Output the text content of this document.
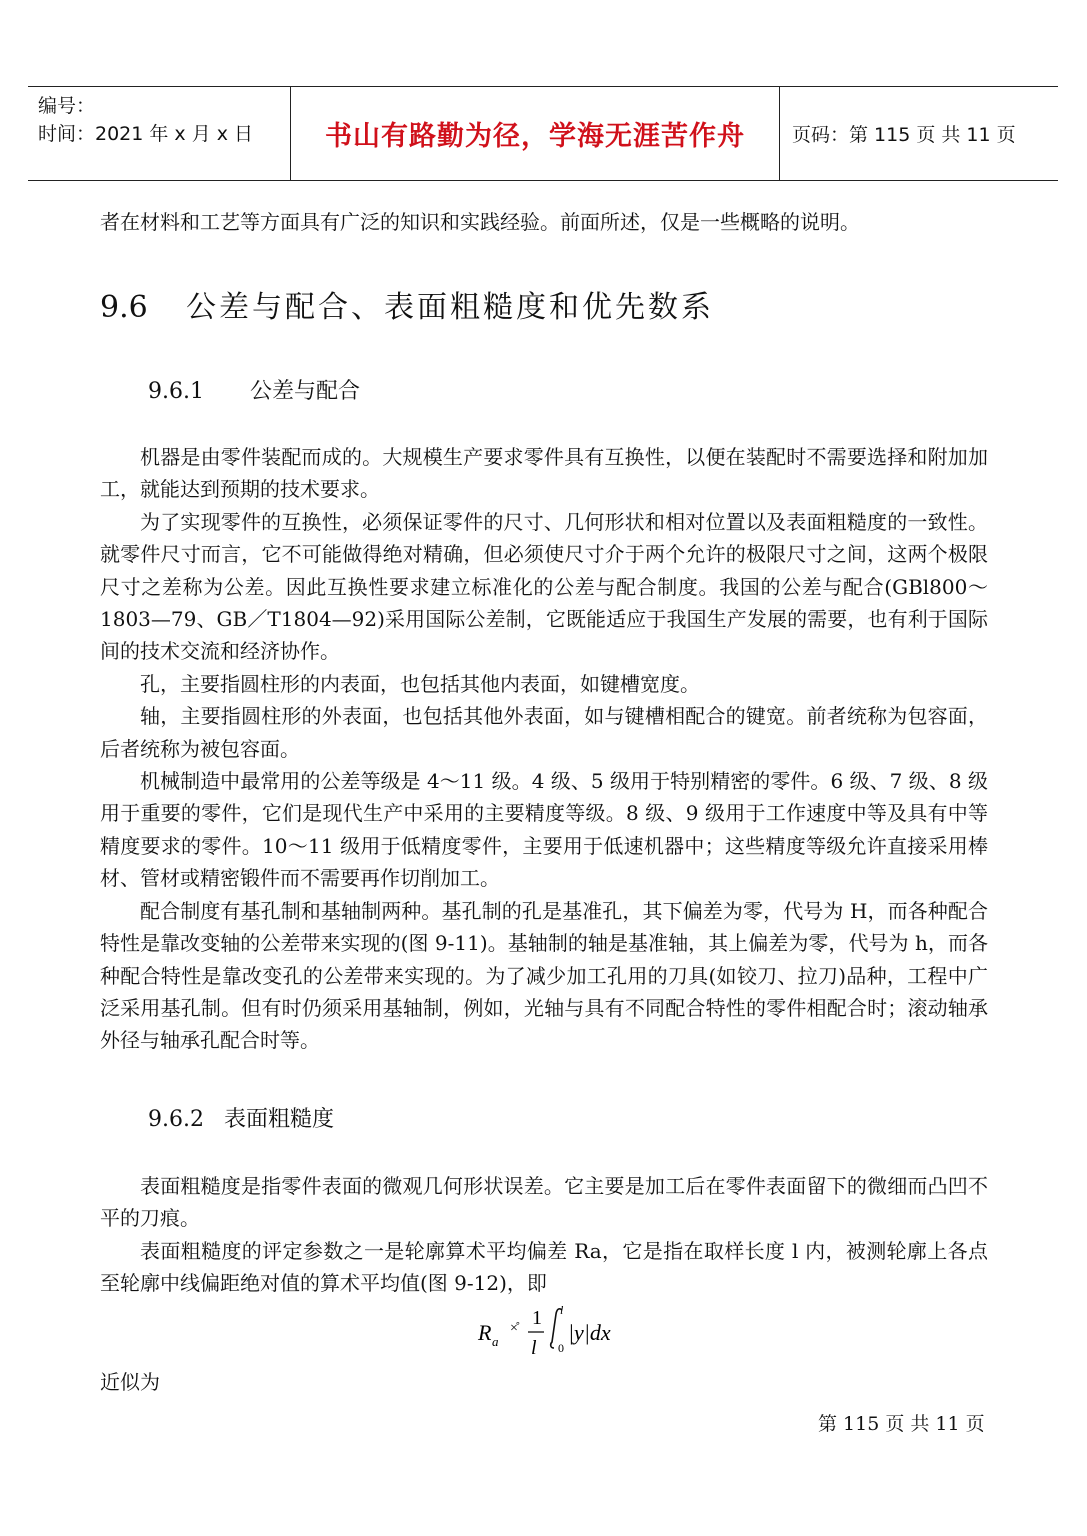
编号：
时间：2021 年 x 月 x 日	书山有路勤为径，学海无涯苦作舟 页码：第 115 页 共 11 页
者在材料和工艺等方面具有广泛的知识和实践经验。前面所述，仅是一些概略的说明。
9.6 公差与配合、表面粗糙度和优先数系
9.6.1 公差与配合

机器是由零件装配而成的。大规模生产要求零件具有互换性，以便在装配时不需要选择和附加加工，就能达到预期的技术要求。

为了实现零件的互换性，必须保证零件的尺寸、几何形状和相对位置以及表面粗糙度的一致性。就零件尺寸而言，它不可能做得绝对精确，但必须使尺寸介于两个允许的极限尺寸之间，这两个极限尺寸之差称为公差。因此互换性要求建立标准化的公差与配合制度。我国的公差与配合(GBl800～1803—79、GB／T1804—92)采用国际公差制，它既能适应于我国生产发展的需要，也有利于国际间的技术交流和经济协作。

孔，主要指圆柱形的内表面，也包括其他内表面，如键槽宽度。

轴，主要指圆柱形的外表面，也包括其他外表面，如与键槽相配合的键宽。前者统称为包容面，后者统称为被包容面。

机械制造中最常用的公差等级是 4～11 级。4 级、5 级用于特别精密的零件。6 级、7 级、8 级用于重要的零件，它们是现代生产中采用的主要精度等级。8 级、9 级用于工作速度中等及具有中等精度要求的零件。10～11 级用于低精度零件，主要用于低速机器中；这些精度等级允许直接采用棒材、管材或精密锻件而不需要再作切削加工。

配合制度有基孔制和基轴制两种。基孔制的孔是基准孔，其下偏差为零，代号为 H，而各种配合特性是靠改变轴的公差带来实现的(图 9-11)。基轴制的轴是基准轴，其上偏差为零，代号为 h，而各种配合特性是靠改变孔的公差带来实现的。为了减少加工孔用的刀具(如铰刀、拉刀)品种，工程中广泛采用基孔制。但有时仍须采用基轴制，例如，光轴与具有不同配合特性的零件相配合时；滚动轴承外径与轴承孔配合时等。

9.6.2 表面粗糙度

表面粗糙度是指零件表面的微观几何形状误差。它主要是加工后在零件表面留下的微细而凸凹不平的刀痕。

表面粗糙度的评定参数之一是轮廓算术平均偏差 Ra，它是指在取样长度 l 内，被测轮廓上各点至轮廓中线偏距绝对值的算术平均值(图 9-12)，即

R a
×̊ 1
l
l
0
|y|dx
近似为
第 115 页 共 11 页
